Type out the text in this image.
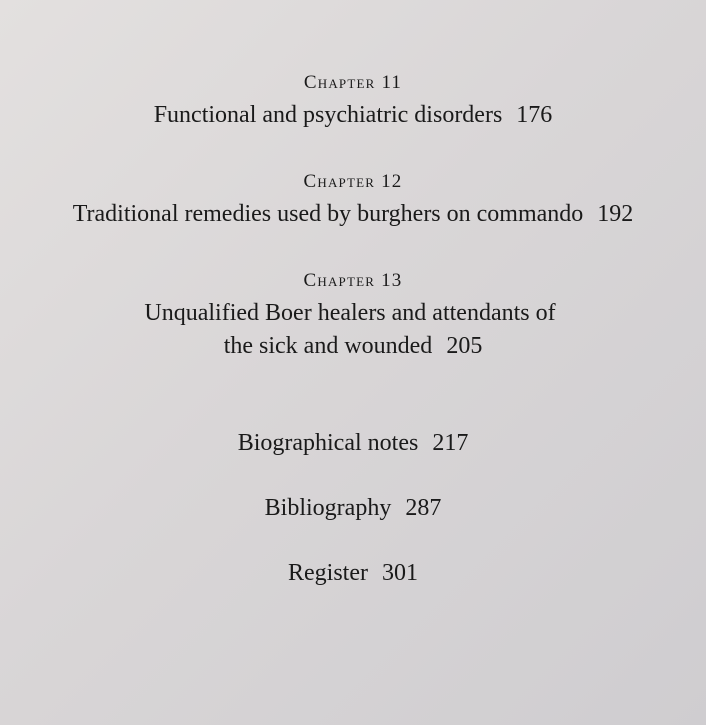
Chapter 11
Functional and psychiatric disorders 176
Chapter 12
Traditional remedies used by burghers on commando 192
Chapter 13
Unqualified Boer healers and attendants of
the sick and wounded 205
Biographical notes 217
Bibliography 287
Register 301
